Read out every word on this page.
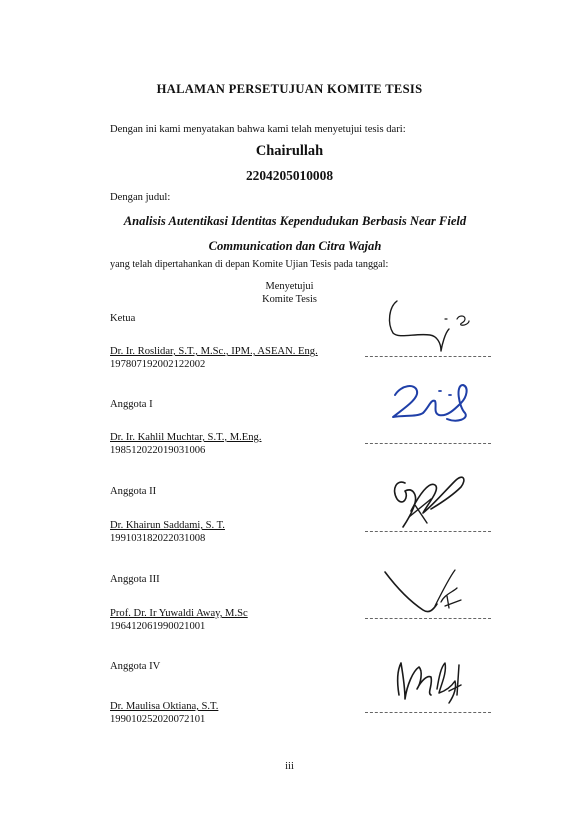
HALAMAN PERSETUJUAN KOMITE TESIS
Dengan ini kami menyatakan bahwa kami telah menyetujui tesis dari:
Chairullah
2204205010008
Dengan judul:
Analisis Autentikasi Identitas Kependudukan Berbasis Near Field
Communication dan Citra Wajah
yang telah dipertahankan di depan Komite Ujian Tesis pada tanggal:
Menyetujui
Komite Tesis
Ketua
Dr. Ir. Roslidar, S.T., M.Sc., IPM., ASEAN. Eng.
197807192002122002
Anggota I
Dr. Ir. Kahlil Muchtar, S.T., M.Eng.
198512022019031006
Anggota II
Dr. Khairun Saddami, S. T.
199103182022031008
Anggota III
Prof. Dr. Ir Yuwaldi Away, M.Sc
196412061990021001
Anggota IV
Dr. Maulisa Oktiana, S.T.
199010252020072101
iii
